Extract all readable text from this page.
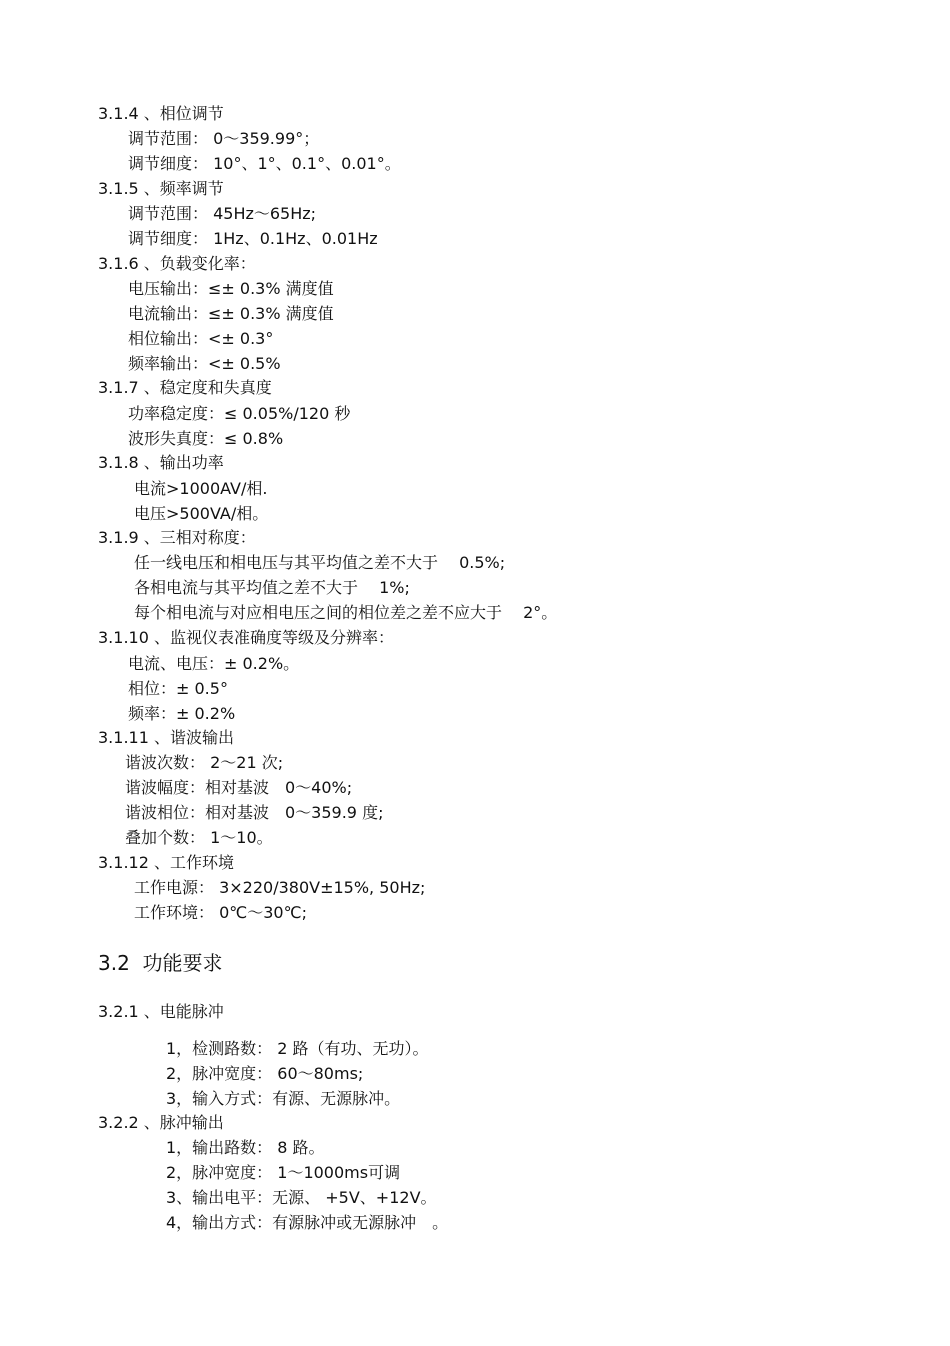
3.1.4 、相位调节
调节范围： 0～359.99°；
调节细度： 10°、1°、0.1°、0.01°。
3.1.5 、频率调节
调节范围： 45Hz～65Hz;
调节细度： 1Hz、0.1Hz、0.01Hz
3.1.6 、负载变化率：
电压输出：≤± 0.3% 满度值
电流输出：≤± 0.3% 满度值
相位输出：<± 0.3°
频率输出：<± 0.5%
3.1.7 、稳定度和失真度
功率稳定度：≤ 0.05%/120 秒
波形失真度：≤ 0.8%
3.1.8 、输出功率
电流>1000AV/相.
电压>500VA/相。
3.1.9 、三相对称度：
任一线电压和相电压与其平均值之差不大于　 0.5%;
各相电流与其平均值之差不大于　 1%;
每个相电流与对应相电压之间的相位差之差不应大于　 2°。
3.1.10 、监视仪表准确度等级及分辨率：
电流、电压：± 0.2%。
相位：± 0.5°
频率：± 0.2%
3.1.11 、谐波输出
谐波次数： 2～21 次;
谐波幅度：相对基波　0～40%;
谐波相位：相对基波　0～359.9 度;
叠加个数： 1～10。
3.1.12 、工作环境
工作电源： 3×220/380V±15%, 50Hz;
工作环境： 0℃～30℃;
3.2  功能要求
3.2.1 、电能脉冲
1，检测路数： 2 路（有功、无功）。
2，脉冲宽度： 60～80ms;
3，输入方式：有源、无源脉冲。
3.2.2 、脉冲输出
1，输出路数： 8 路。
2，脉冲宽度： 1～1000ms可调
3、输出电平：无源、 +5V、+12V。
4，输出方式：有源脉冲或无源脉冲　。
